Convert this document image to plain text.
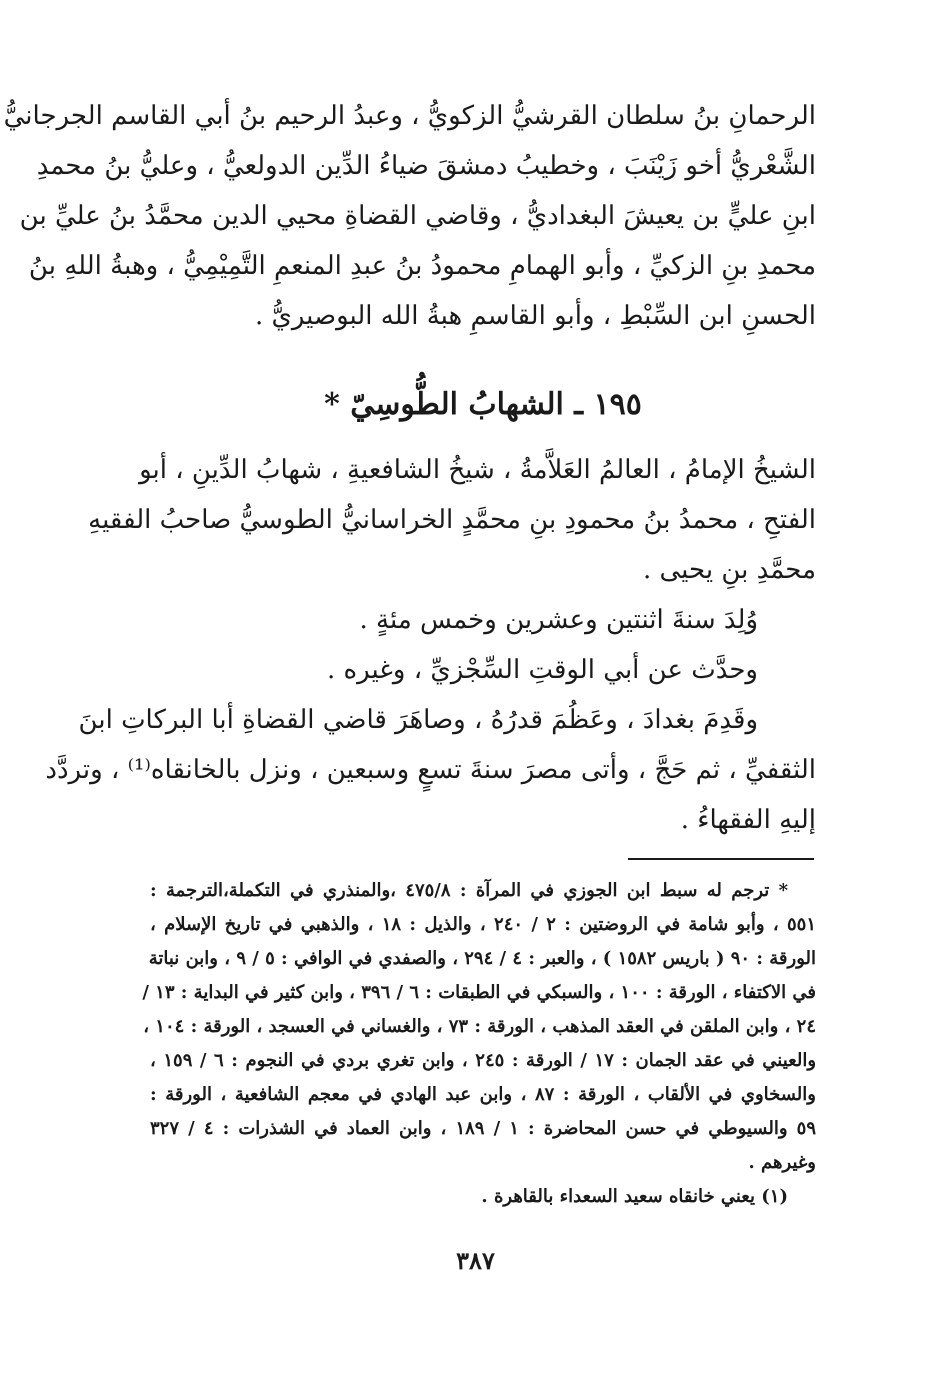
الرحمانِ بنُ سلطان القرشيُّ الزكويُّ ، وعبدُ الرحيم بنُ أبي القاسم الجرجانيُّ
الشَّعْريُّ أخو زَيْنَبَ ، وخطيبُ دمشقَ ضياءُ الدِّين الدولعيُّ ، وعليُّ بنُ محمدِ
ابنِ عليٍّ بن يعيشَ البغداديُّ ، وقاضي القضاةِ محيي الدين محمَّدُ بنُ عليِّ بن
محمدِ بنِ الزكيِّ ، وأبو الهمامِ محمودُ بنُ عبدِ المنعمِ التَّمِيْمِيُّ ، وهبةُ اللهِ بنُ
الحسنِ ابن السِّبْطِ ، وأبو القاسمِ هبةُ الله البوصيريُّ .
١٩٥ ـ الشهابُ الطُّوسِيّ *
الشيخُ الإمامُ ، العالمُ العَلاَّمةُ ، شيخُ الشافعيةِ ، شهابُ الدِّينِ ، أبو
الفتحِ ، محمدُ بنُ محمودِ بنِ محمَّدٍ الخراسانيُّ الطوسيُّ صاحبُ الفقيهِ
محمَّدِ بنِ يحيى .
وُلِدَ سنةَ اثنتين وعشرين وخمس مئةٍ .
وحدَّث عن أبي الوقتِ السِّجْزيِّ ، وغيره .
وقَدِمَ بغدادَ ، وعَظُمَ قدرُهُ ، وصاهَرَ قاضي القضاةِ أبا البركاتِ ابنَ
الثقفيِّ ، ثم حَجَّ ، وأتى مصرَ سنةَ تسعٍ وسبعين ، ونزل بالخانقاه⁽¹⁾ ، وتردَّد
إليهِ الفقهاءُ .
* ترجم له سبط ابن الجوزي في المرآة : ٤٧٥/٨ ،والمنذري في التكملة،الترجمة :
٥٥١ ، وأبو شامة في الروضتين : ٢ / ٢٤٠ ، والذيل : ١٨ ، والذهبي في تاريخ الإسلام ،
الورقة : ٩٠ ( باريس ١٥٨٢ ) ، والعبر : ٤ / ٢٩٤ ، والصفدي في الوافي : ٥ / ٩ ، وابن نباتة
في الاكتفاء ، الورقة : ١٠٠ ، والسبكي في الطبقات : ٦ / ٣٩٦ ، وابن كثير في البداية : ١٣ /
٢٤ ، وابن الملقن في العقد المذهب ، الورقة : ٧٣ ، والغساني في العسجد ، الورقة : ١٠٤ ،
والعيني في عقد الجمان : ١٧ / الورقة : ٢٤٥ ، وابن تغري بردي في النجوم : ٦ / ١٥٩ ،
والسخاوي في الألقاب ، الورقة : ٨٧ ، وابن عبد الهادي في معجم الشافعية ، الورقة :
٥٩ والسيوطي في حسن المحاضرة : ١ / ١٨٩ ، وابن العماد في الشذرات : ٤ / ٣٢٧
وغيرهم .
(١) يعني خانقاه سعيد السعداء بالقاهرة .
٣٨٧
